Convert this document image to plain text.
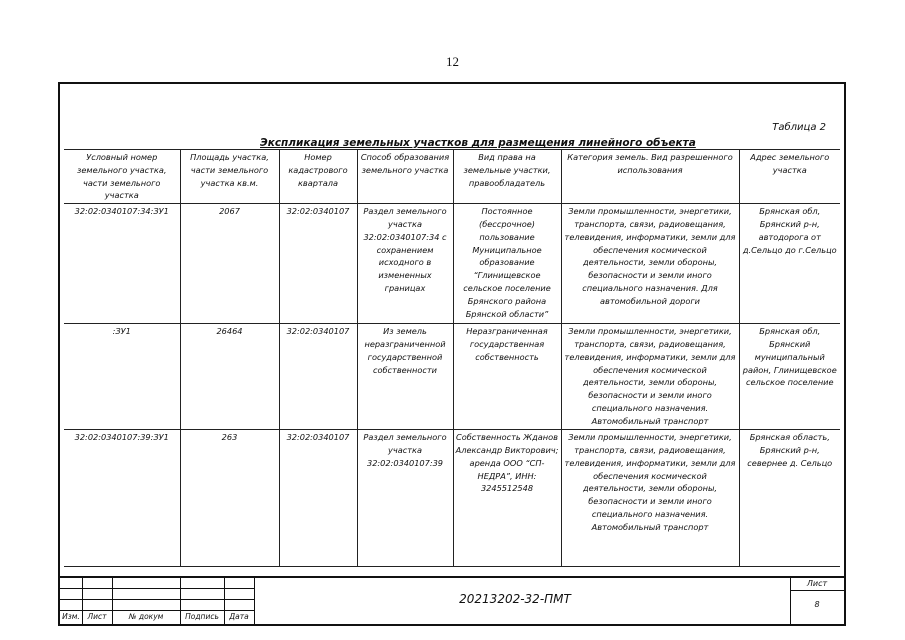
12
Таблица 2
Экспликация земельных участков для размещения линейного объекта
Условный номер земельного участка, части земельного участка	Площадь участка, части земельного участка кв.м.	Номер кадастрового квартала	Способ образования земельного участка	Вид права на земельные участки, правообладатель	Категория земель. Вид разрешенного использования	Адрес земельного участка
32:02:0340107:34:ЗУ1	2067	32:02:0340107	Раздел земельного участка 32:02:0340107:34 с сохранением исходного в измененных границах	Постоянное (бессрочное) пользование Муниципальное образование “Глинищевское сельское поселение Брянского района Брянской области”	Земли промышленности, энергетики, транспорта, связи, радиовещания, телевидения, информатики, земли для обеспечения космической деятельности, земли обороны, безопасности и земли иного специального назначения. Для автомобильной дороги	Брянская обл, Брянский р-н, автодорога от д.Сельцо до г.Сельцо
:ЗУ1	26464	32:02:0340107	Из земель неразграниченной государственной собственности	Неразграниченная государственная собственность	Земли промышленности, энергетики, транспорта, связи, радиовещания, телевидения, информатики, земли для обеспечения космической деятельности, земли обороны, безопасности и земли иного специального назначения. Автомобильный транспорт	Брянская обл, Брянский муниципальный район, Глинищевское сельское поселение
32:02:0340107:39:ЗУ1	263	32:02:0340107	Раздел земельного участка 32:02:0340107:39	Собственность Жданов Александр Викторович; аренда ООО “СП-НЕДРА”, ИНН: 3245512548	Земли промышленности, энергетики, транспорта, связи, радиовещания, телевидения, информатики, земли для обеспечения космической деятельности, земли обороны, безопасности и земли иного специального назначения. Автомобильный транспорт	Брянская область, Брянский р-н, севернее д. Сельцо
Изм.	Лист	№ докум	Подпись	Дата
20213202-32-ПМТ
Лист
8
